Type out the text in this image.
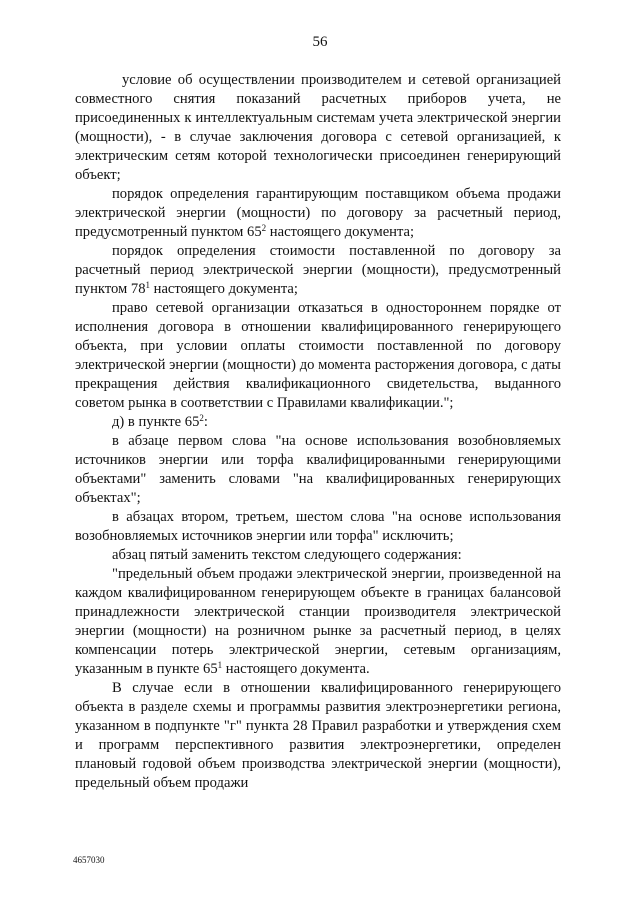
56

условие об осуществлении производителем и сетевой организацией совместного снятия показаний расчетных приборов учета, не присоединенных к интеллектуальным системам учета электрической энергии (мощности), - в случае заключения договора с сетевой организацией, к электрическим сетям которой технологически присоединен генерирующий объект;

порядок определения гарантирующим поставщиком объема продажи электрической энергии (мощности) по договору за расчетный период, предусмотренный пунктом $65^2$ настоящего документа;

порядок определения стоимости поставленной по договору за расчетный период электрической энергии (мощности), предусмотренный пунктом $78^1$ настоящего документа;

право сетевой организации отказаться в одностороннем порядке от исполнения договора в отношении квалифицированного генерирующего объекта, при условии оплаты стоимости поставленной по договору электрической энергии (мощности) до момента расторжения договора, с даты прекращения действия квалификационного свидетельства, выданного советом рынка в соответствии с Правилами квалификации.";

д) в пункте $65^2$:

в абзаце первом слова "на основе использования возобновляемых источников энергии или торфа квалифицированными генерирующими объектами" заменить словами "на квалифицированных генерирующих объектах";

в абзацах втором, третьем, шестом слова "на основе использования возобновляемых источников энергии или торфа" исключить;

абзац пятый заменить текстом следующего содержания:

"предельный объем продажи электрической энергии, произведенной на каждом квалифицированном генерирующем объекте в границах балансовой принадлежности электрической станции производителя электрической энергии (мощности) на розничном рынке за расчетный период, в целях компенсации потерь электрической энергии, сетевым организациям, указанным в пункте $65^1$ настоящего документа.

В случае если в отношении квалифицированного генерирующего объекта в разделе схемы и программы развития электроэнергетики региона, указанном в подпункте "г" пункта 28 Правил разработки и утверждения схем и программ перспективного развития электроэнергетики, определен плановый годовой объем производства электрической энергии (мощности), предельный объем продажи

4657030
